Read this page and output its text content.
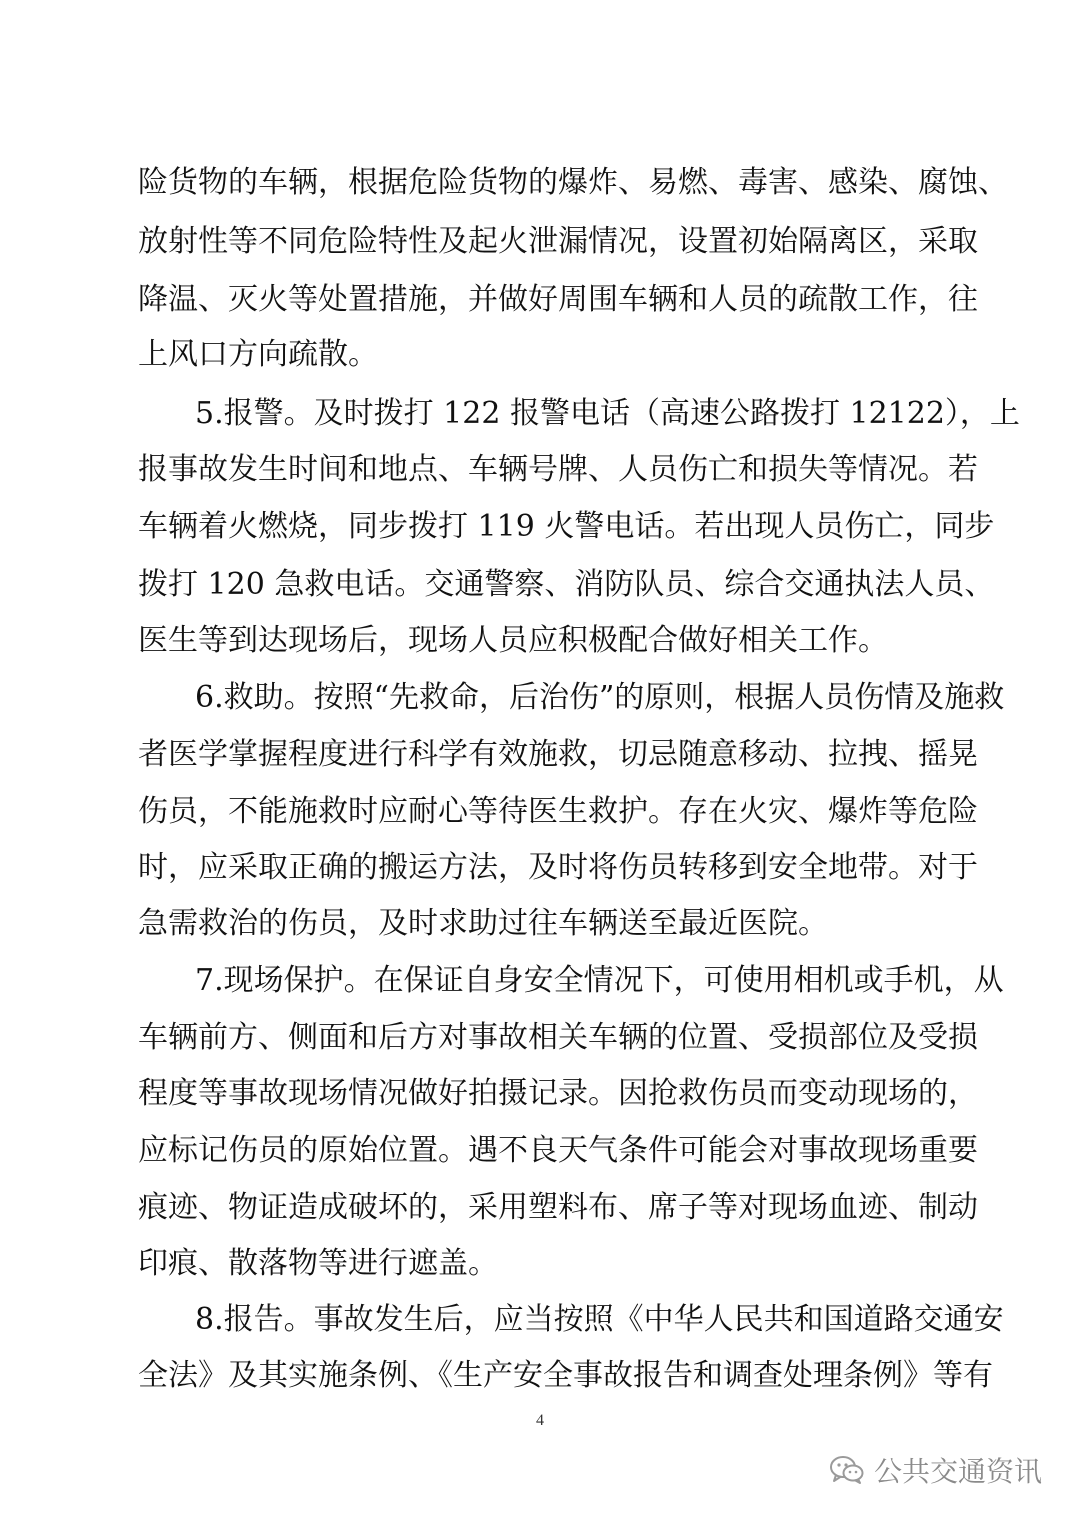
险货物的车辆，根据危险货物的爆炸、易燃、毒害、感染、腐蚀、
放射性等不同危险特性及起火泄漏情况，设置初始隔离区，采取
降温、灭火等处置措施，并做好周围车辆和人员的疏散工作，往
上风口方向疏散。
5.报警。及时拨打 122 报警电话（高速公路拨打 12122），上
报事故发生时间和地点、车辆号牌、人员伤亡和损失等情况。若
车辆着火燃烧，同步拨打 119 火警电话。若出现人员伤亡，同步
拨打 120 急救电话。交通警察、消防队员、综合交通执法人员、
医生等到达现场后，现场人员应积极配合做好相关工作。
6.救助。按照“先救命，后治伤”的原则，根据人员伤情及施救
者医学掌握程度进行科学有效施救，切忌随意移动、拉拽、摇晃
伤员，不能施救时应耐心等待医生救护。存在火灾、爆炸等危险
时，应采取正确的搬运方法，及时将伤员转移到安全地带。对于
急需救治的伤员，及时求助过往车辆送至最近医院。
7.现场保护。在保证自身安全情况下，可使用相机或手机，从
车辆前方、侧面和后方对事故相关车辆的位置、受损部位及受损
程度等事故现场情况做好拍摄记录。因抢救伤员而变动现场的，
应标记伤员的原始位置。遇不良天气条件可能会对事故现场重要
痕迹、物证造成破坏的，采用塑料布、席子等对现场血迹、制动
印痕、散落物等进行遮盖。
8.报告。事故发生后，应当按照《中华人民共和国道路交通安
全法》及其实施条例、《生产安全事故报告和调查处理条例》等有
4
公共交通资讯
